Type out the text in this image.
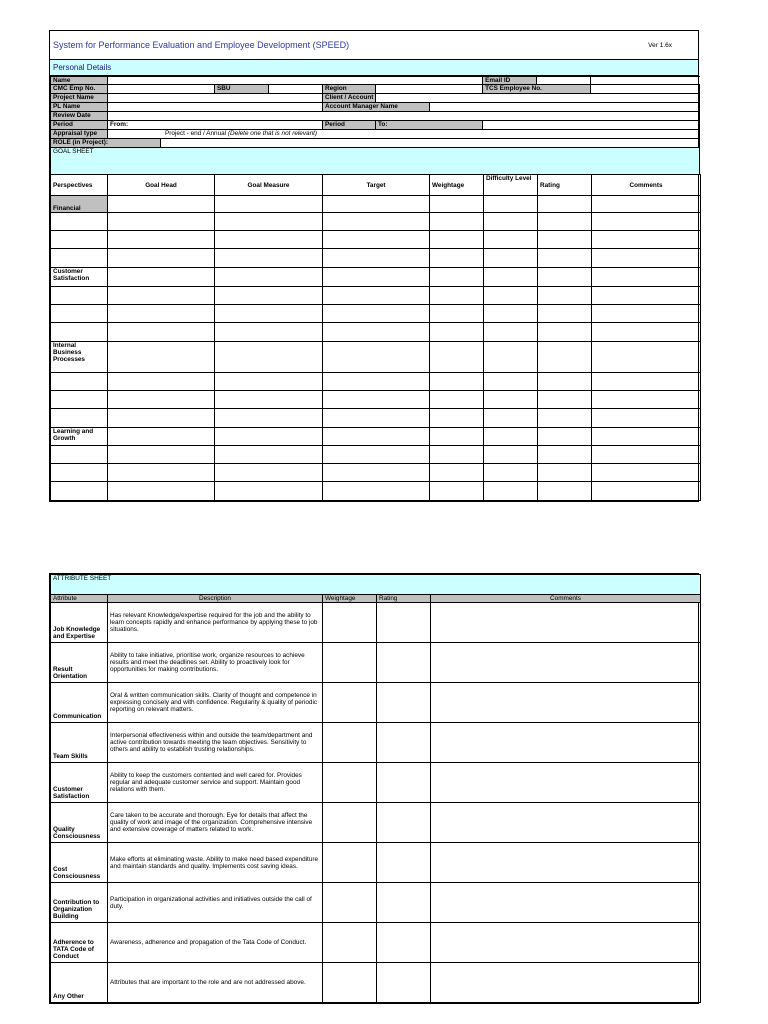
System for Performance Evaluation and Employee Development (SPEED)	Ver 1.6x
Personal Details
Name								Email ID		
CMC Emp No.			SBU		Region			TCS Employee No.		
Project Name					Client / Account					
PL Name					Account Manager Name					
Review Date										
Period	From:				Period	To:				
Appraisal type	Project - end / Annual (Delete one that is not relevant)									
ROLE (in Project):										
GOAL SHEET										
Perspectives	Goal Head	Goal Measure	Target	Weightage	Difficulty Level	Rating	Comments
Financial							

Customer Satisfaction							

Internal Business Processes							

Learning and Growth							

ATTRIBUTE SHEET				
Attribute	Description	Weightage	Rating	Comments
Job Knowledge and Expertise	Has relevant Knowledge/expertise required for the job and the ability to learn concepts rapidly and enhance performance by applying these to job situations.			
Result Orientation	Ability to take initiative, prioritise work, organize resources to achieve results and meet the deadlines set. Ability to proactively look for opportunities for making contributions.			
Communication	Oral & written communication skills. Clarity of thought and competence in expressing concisely and with confidence. Regularity & quality of periodic reporting on relevant matters.			
Team Skills	Interpersonal effectiveness within and outside the team/department and active contribution towards meeting the team objectives. Sensitivity to others and ability to establish trusting relationships.			
Customer Satisfaction	Ability to keep the customers contented and well cared for. Provides regular and adequate customer service and support. Maintain good relations with them.			
Quality Consciousness	Care taken to be accurate and thorough. Eye for details that affect the quality of work and image of the organization. Comprehensive intensive and extensive coverage of matters related to work.			
Cost Consciousness	Make efforts at eliminating waste. Ability to make need based expenditure and maintain standards and quality. Implements cost saving ideas.			
Contribution to Organization Building	Participation in organizational activities and initiatives outside the call of duty.			
Adherence to TATA Code of Conduct	Awareness, adherence and propagation of the Tata Code of Conduct.			
Any Other	Attributes that are important to the role and are not addressed above.			
